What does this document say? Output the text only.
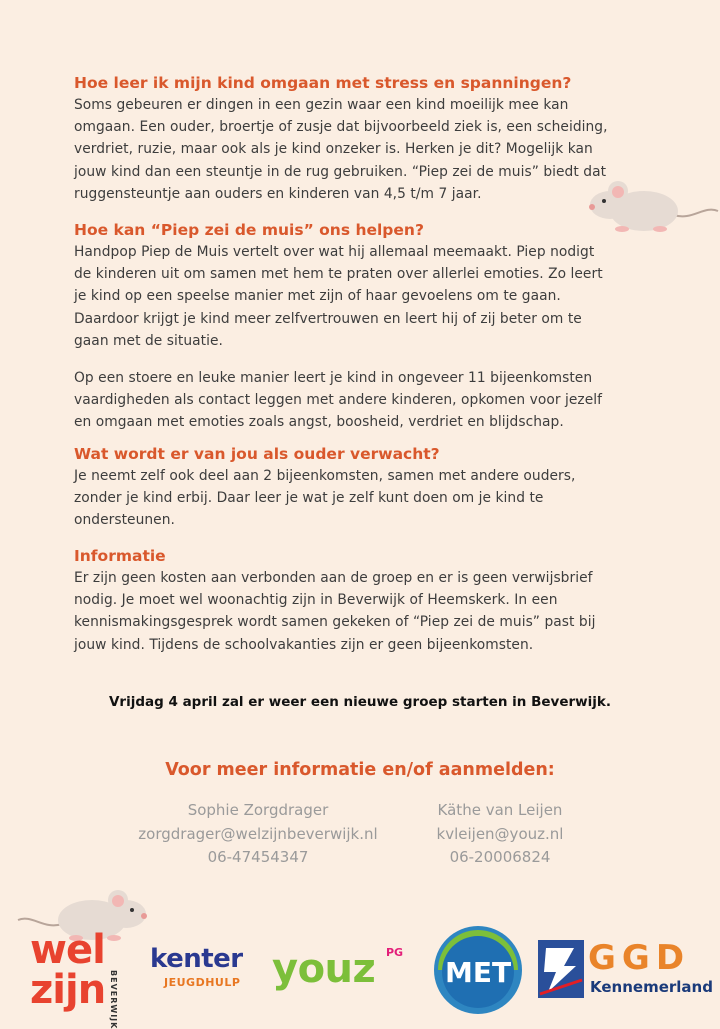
Hoe leer ik mijn kind omgaan met stress en spanningen?

Soms gebeuren er dingen in een gezin waar een kind moeilijk mee kan
omgaan. Een ouder, broertje of zusje dat bijvoorbeeld ziek is, een scheiding,
verdriet, ruzie, maar ook als je kind onzeker is. Herken je dit? Mogelijk kan
jouw kind dan een steuntje in de rug gebruiken. “Piep zei de muis” biedt dat
ruggensteuntje aan ouders en kinderen van 4,5 t/m 7 jaar.

Hoe kan “Piep zei de muis” ons helpen?

Handpop Piep de Muis vertelt over wat hij allemaal meemaakt. Piep nodigt
de kinderen uit om samen met hem te praten over allerlei emoties. Zo leert
je kind op een speelse manier met zijn of haar gevoelens om te gaan.
Daardoor krijgt je kind meer zelfvertrouwen en leert hij of zij beter om te
gaan met de situatie.

Op een stoere en leuke manier leert je kind in ongeveer 11 bijeenkomsten
vaardigheden als contact leggen met andere kinderen, opkomen voor jezelf
en omgaan met emoties zoals angst, boosheid, verdriet en blijdschap.

Wat wordt er van jou als ouder verwacht?

Je neemt zelf ook deel aan 2 bijeenkomsten, samen met andere ouders,
zonder je kind erbij. Daar leer je wat je zelf kunt doen om je kind te
ondersteunen.

Informatie

Er zijn geen kosten aan verbonden aan de groep en er is geen verwijsbrief
nodig. Je moet wel woonachtig zijn in Beverwijk of Heemskerk. In een
kennismakingsgesprek wordt samen gekeken of “Piep zei de muis” past bij
jouw kind. Tijdens de schoolvakanties zijn er geen bijeenkomsten.

Vrijdag 4 april zal er weer een nieuwe groep starten in Beverwijk.
Voor meer informatie en/of aanmelden:
Sophie Zorgdrager
zorgdrager@welzijnbeverwijk.nl
06-47454347
Käthe van Leijen
kvleijen@youz.nl
06-20006824
wel
zijn BEVERWIJK
kenter
JEUGDHULP youz PG
MET GGD
Kennemerland
